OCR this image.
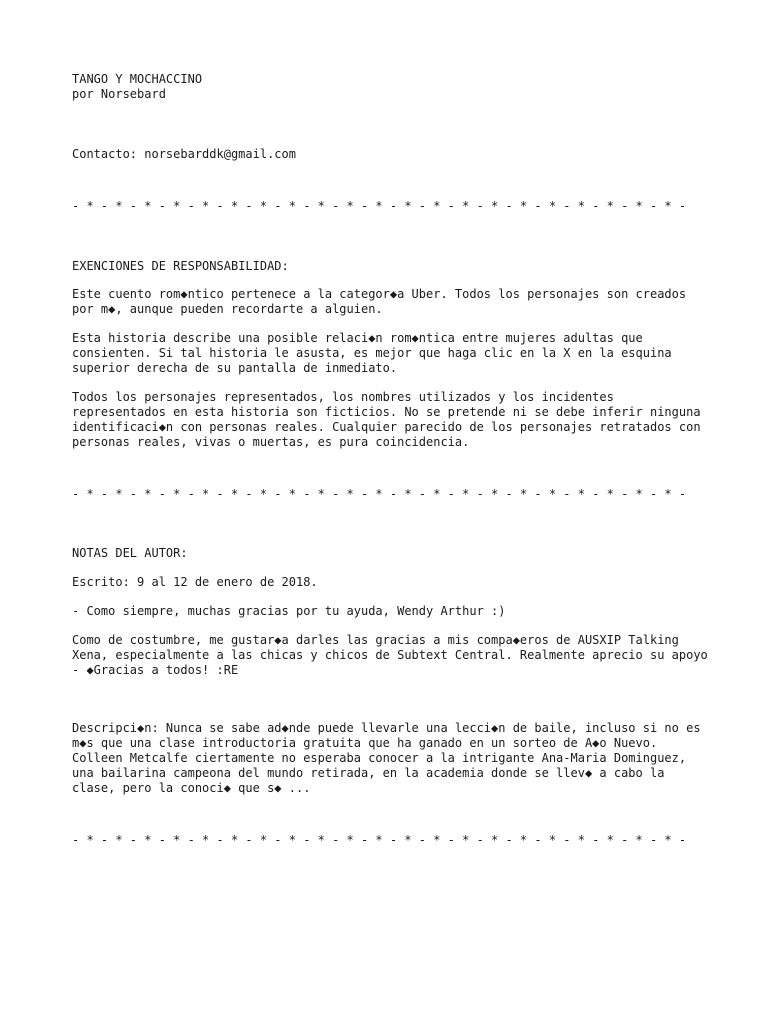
TANGO Y MOCHACCINO
por Norsebard
Contacto: norsebarddk@gmail.com

- * - * - * - * - * - * - * - * - * - * - * - * - * - * - * - * - * - * - * - * - * -

EXENCIONES DE RESPONSABILIDAD:

Este cuento rom◆ntico pertenece a la categor◆a Uber. Todos los personajes son creados por m◆, aunque pueden recordarte a alguien.

Esta historia describe una posible relaci◆n rom◆ntica entre mujeres adultas que consienten. Si tal historia le asusta, es mejor que haga clic en la X en la esquina superior derecha de su pantalla de inmediato.

Todos los personajes representados, los nombres utilizados y los incidentes representados en esta historia son ficticios. No se pretende ni se debe inferir ninguna identificaci◆n con personas reales. Cualquier parecido de los personajes retratados con personas reales, vivas o muertas, es pura coincidencia.

- * - * - * - * - * - * - * - * - * - * - * - * - * - * - * - * - * - * - * - * - * -

NOTAS DEL AUTOR:

Escrito: 9 al 12 de enero de 2018.

- Como siempre, muchas gracias por tu ayuda, Wendy Arthur :)

Como de costumbre, me gustar◆a darles las gracias a mis compa◆eros de AUSXIP Talking Xena, especialmente a las chicas y chicos de Subtext Central. Realmente aprecio su apoyo - ◆Gracias a todos! :RE

Descripci◆n: Nunca se sabe ad◆nde puede llevarle una lecci◆n de baile, incluso si no es m◆s que una clase introductoria gratuita que ha ganado en un sorteo de A◆o Nuevo. Colleen Metcalfe ciertamente no esperaba conocer a la intrigante Ana-Maria Dominguez, una bailarina campeona del mundo retirada, en la academia donde se llev◆ a cabo la clase, pero la conoci◆ que s◆ ...

- * - * - * - * - * - * - * - * - * - * - * - * - * - * - * - * - * - * - * - * - * -
